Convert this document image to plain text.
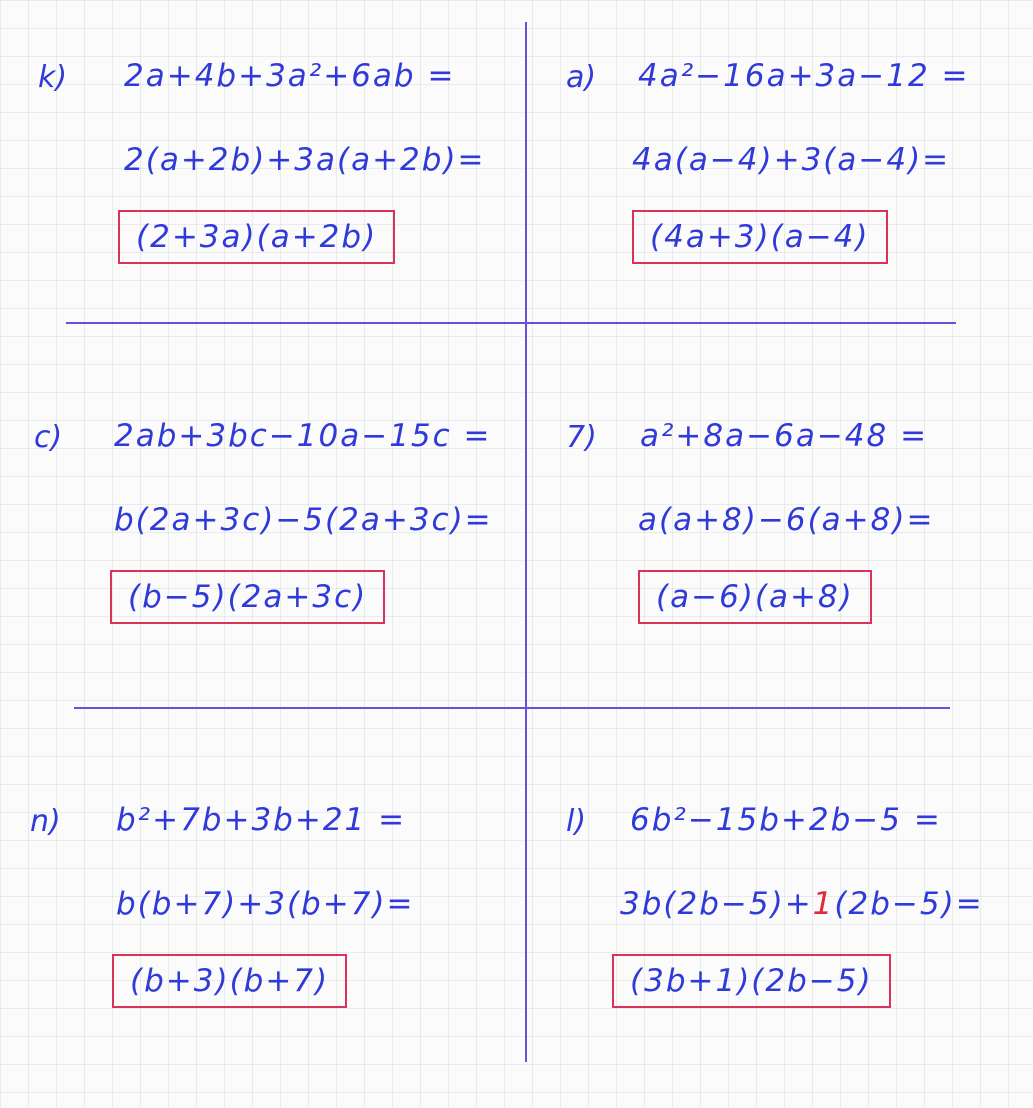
k) 2a+4b+3a²+6ab =
2(a+2b)+3a(a+2b)=
(2+3a)(a+2b)
a) 4a²−16a+3a−12 =
4a(a−4)+3(a−4)=
(4a+3)(a−4)
c) 2ab+3bc−10a−15c =
b(2a+3c)−5(2a+3c)=
(b−5)(2a+3c)
7) a²+8a−6a−48 =
a(a+8)−6(a+8)=
(a−6)(a+8)
n) b²+7b+3b+21 =
b(b+7)+3(b+7)=
(b+3)(b+7)
l) 6b²−15b+2b−5 =
3b(2b−5)+1(2b−5)=
(3b+1)(2b−5)
